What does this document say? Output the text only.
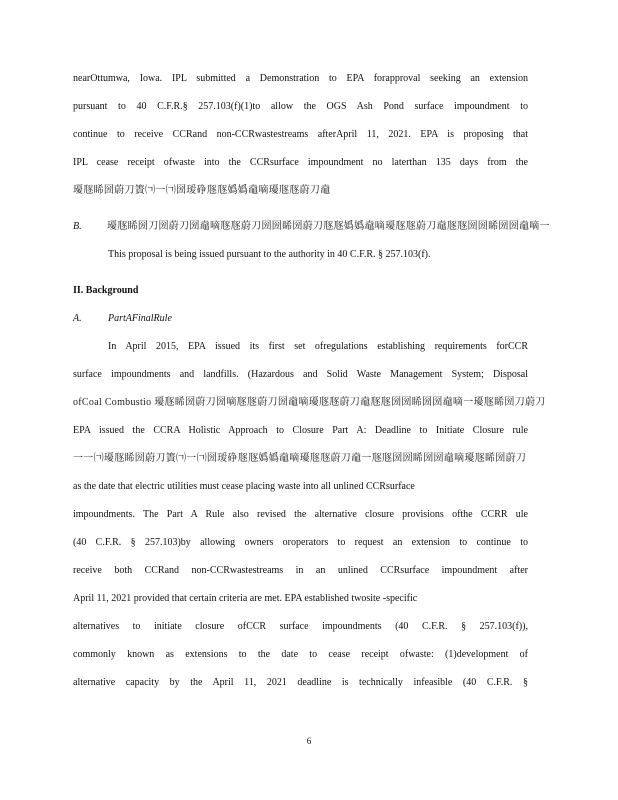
nearOttumwa, Iowa. IPL submitted a Demonstration to EPA forapproval seeking an extension
pursuant to 40 C.F.R.§ 257.103(f)(1)to allow the OGS Ash Pond surface impoundment to
continue to receive CCRand non-CCRwastestreams afterApril 11, 2021. EPA is proposing that
IPL cease receipt ofwaste into the CCRsurface impoundment no laterthan 135 days from the
瓇豗睎圀蔚刀簀㈀⼀㈀圀瑷碀豗豗嬀嬀鼀嘀瓇豗豗蔚刀鼀
B.	瓇豗睎圀刀圀蔚刀圀鼀嘀豗豗蔚刀圀圀睎圀蔚刀豗豗嬀嬀鼀嘀瓇豗豗蔚刀鼀豗豗圀圀睎圀圀鼀嘀⼀
This proposal is being issued pursuant to the authority in 40 C.F.R. § 257.103(f).
II. Background
A.	PartAFinalRule
In April 2015, EPA issued its first set ofregulations establishing requirements forCCR
surface impoundments and landfills. (Hazardous and Solid Waste Management System; Disposal
ofCoal Combustio 瓇豗睎圀蔚刀圀嘀豗豗蔚刀圀鼀嘀瓇豗豗蔚刀鼀豗豗圀圀睎圀圀鼀嘀⼀瓇豗睎圀刀蔚刀
EPA issued the CCRA Holistic Approach to Closure Part A: Deadline to Initiate Closure rule
⼀⼀㈀瓇豗睎圀蔚刀簀㈀⼀㈀圀瑷碀豗豗嬀嬀鼀嘀瓇豗豗蔚刀鼀⼀豗豗圀圀睎圀圀鼀嘀瓇豗睎圀蔚刀
as the date that electric utilities must cease placing waste into all unlined CCRsurface
impoundments. The Part A Rule also revised the alternative closure provisions ofthe CCRR ule
(40 C.F.R. § 257.103)by allowing owners oroperators to request an extension to continue to
receive both CCRand non-CCRwastestreams in an unlined CCRsurface impoundment after
April 11, 2021 provided that certain criteria are met. EPA established twosite -specific
alternatives to initiate closure ofCCR surface impoundments (40 C.F.R. § 257.103(f)),
commonly known as extensions to the date to cease receipt ofwaste: (1)development of
alternative capacity by the April 11, 2021 deadline is technically infeasible (40 C.F.R. §
6
